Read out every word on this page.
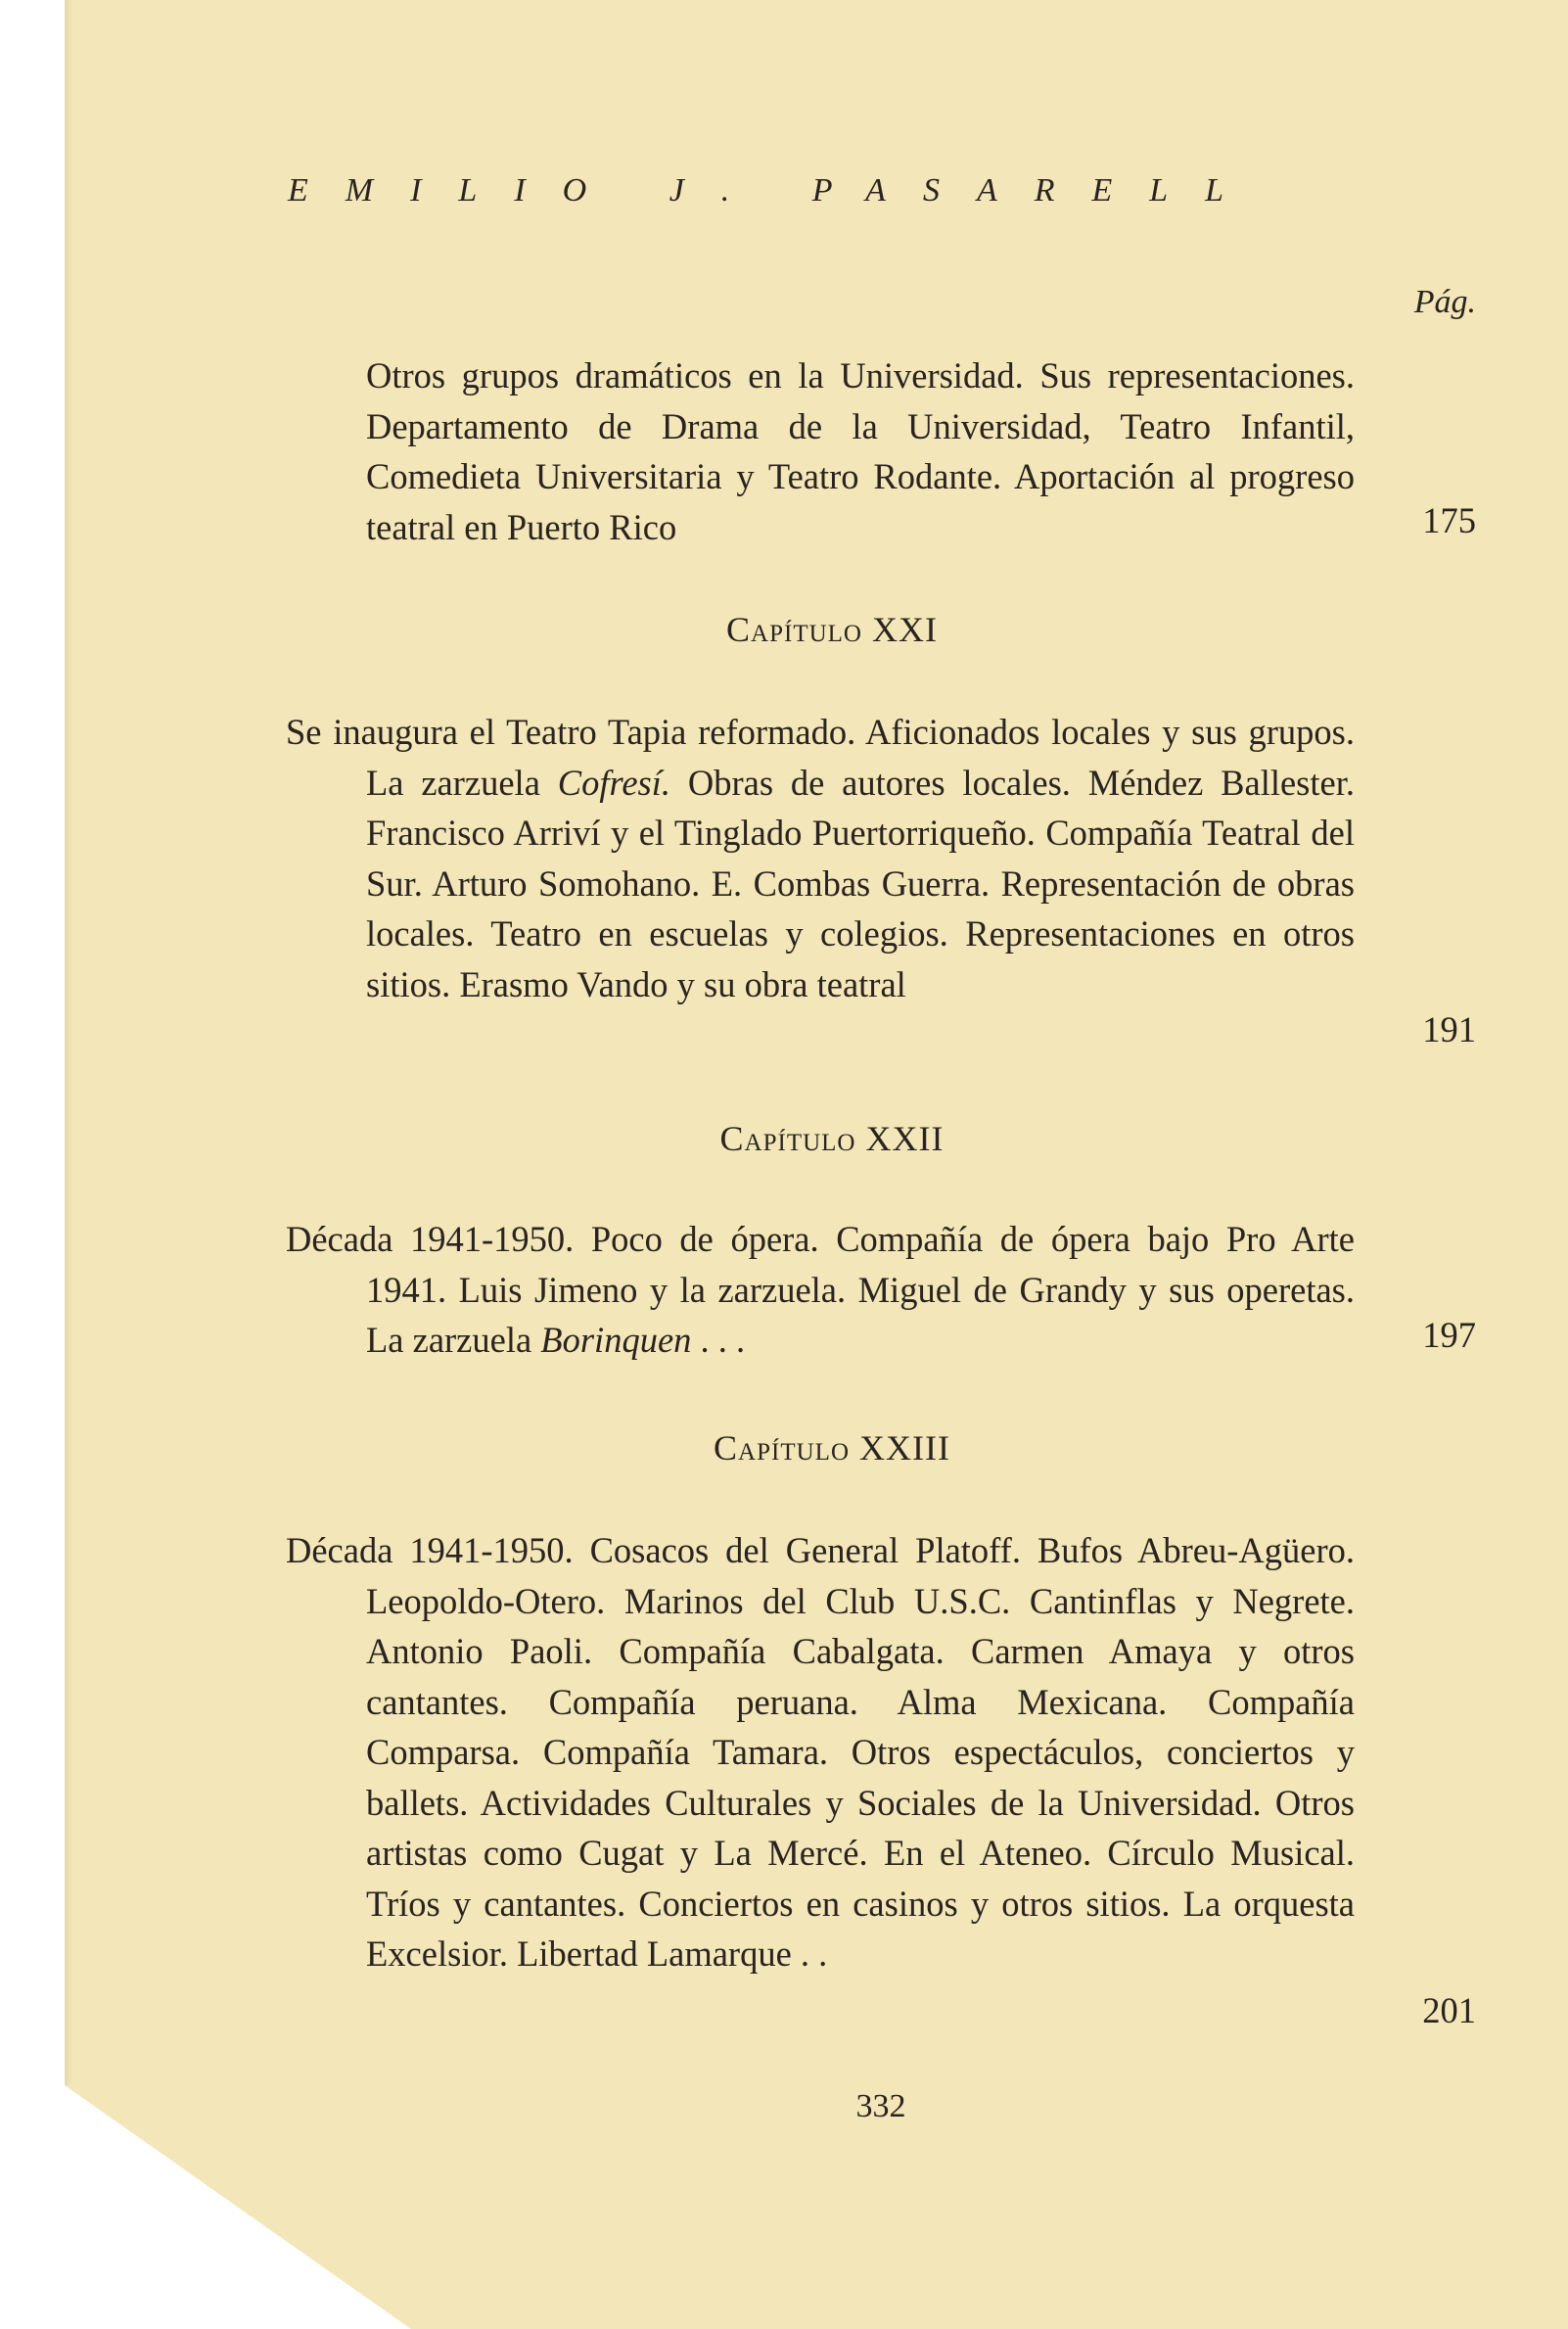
EMILIO J. PASARELL
Pág.
Otros grupos dramáticos en la Universidad. Sus representaciones. Departamento de Drama de la Universidad, Teatro Infantil, Comedieta Universitaria y Teatro Rodante. Aportación al progreso teatral en Puerto Rico	175
Capítulo XXI
Se inaugura el Teatro Tapia reformado. Aficionados locales y sus grupos. La zarzuela Cofresí. Obras de autores locales. Méndez Ballester. Francisco Arriví y el Tinglado Puertorriqueño. Compañía Teatral del Sur. Arturo Somohano. E. Combas Guerra. Representación de obras locales. Teatro en escuelas y colegios. Representaciones en otros sitios. Erasmo Vando y su obra teatral
191
Capítulo XXII
Década 1941-1950. Poco de ópera. Compañía de ópera bajo Pro Arte 1941. Luis Jimeno y la zarzuela. Miguel de Grandy y sus operetas. La zarzuela Borinquen . . .	197
Capítulo XXIII
Década 1941-1950. Cosacos del General Platoff. Bufos Abreu-Agüero. Leopoldo-Otero. Marinos del Club U.S.C. Cantinflas y Negrete. Antonio Paoli. Compañía Cabalgata. Carmen Amaya y otros cantantes. Compañía peruana. Alma Mexicana. Compañía Comparsa. Compañía Tamara. Otros espectáculos, conciertos y ballets. Actividades Culturales y Sociales de la Universidad. Otros artistas como Cugat y La Mercé. En el Ateneo. Círculo Musical. Tríos y cantantes. Conciertos en casinos y otros sitios. La orquesta Excelsior. Libertad Lamarque . .
201
332
